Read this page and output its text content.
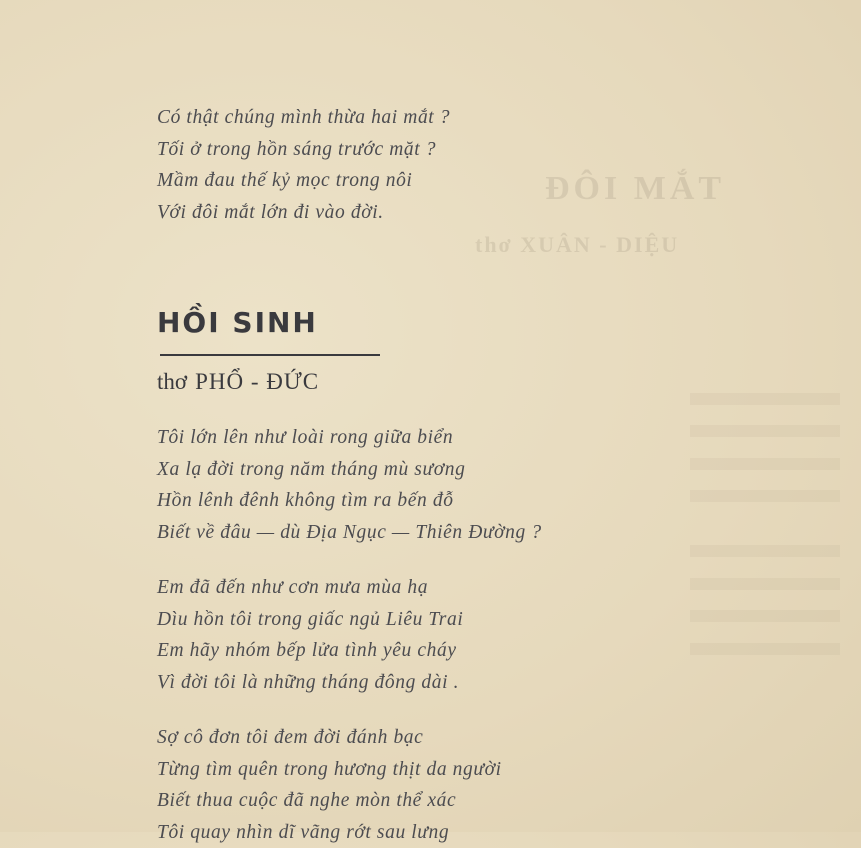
ĐÔI MẮT
thơ XUÂN - DIỆU
Có thật chúng mình thừa hai mắt ?
Tối ở trong hồn sáng trước mặt ?
Mầm đau thế kỷ mọc trong nôi
Với đôi mắt lớn đi vào đời.
HỒI SINH
thơ PHỔ - ĐỨC
Tôi lớn lên như loài rong giữa biển
Xa lạ đời trong năm tháng mù sương
Hồn lênh đênh không tìm ra bến đỗ
Biết về đâu — dù Địa Ngục — Thiên Đường ?
Em đã đến như cơn mưa mùa hạ
Dìu hồn tôi trong giấc ngủ Liêu Trai
Em hãy nhóm bếp lửa tình yêu cháy
Vì đời tôi là những tháng đông dài .
Sợ cô đơn tôi đem đời đánh bạc
Từng tìm quên trong hương thịt da người
Biết thua cuộc đã nghe mòn thể xác
Tôi quay nhìn dĩ vãng rớt sau lưng
